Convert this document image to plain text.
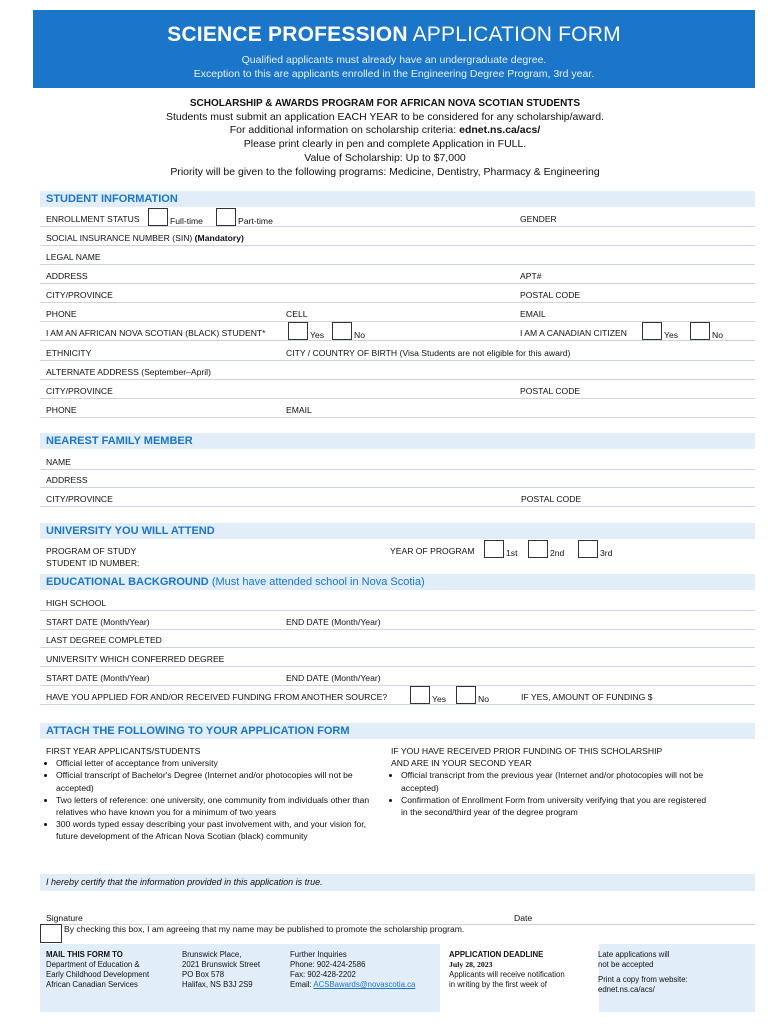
SCIENCE PROFESSION APPLICATION FORM
Qualified applicants must already have an undergraduate degree.
Exception to this are applicants enrolled in the Engineering Degree Program, 3rd year.
SCHOLARSHIP & AWARDS PROGRAM FOR AFRICAN NOVA SCOTIAN STUDENTS
Students must submit an application EACH YEAR to be considered for any scholarship/award.
For additional information on scholarship criteria: ednet.ns.ca/acs/
Please print clearly in pen and complete Application in FULL.
Value of Scholarship: Up to $7,000
Priority will be given to the following programs: Medicine, Dentistry, Pharmacy & Engineering
STUDENT INFORMATION
ENROLLMENT STATUS	Full-time	Part-time	GENDER
SOCIAL INSURANCE NUMBER (SIN) (Mandatory)
LEGAL NAME
ADDRESS	APT#
CITY/PROVINCE	POSTAL CODE
PHONE	CELL	EMAIL
I AM AN AFRICAN NOVA SCOTIAN (BLACK) STUDENT*	Yes	No	I AM A CANADIAN CITIZEN	Yes	No
ETHNICITY	CITY / COUNTRY OF BIRTH (Visa Students are not eligible for this award)
ALTERNATE ADDRESS (September–April)
CITY/PROVINCE	POSTAL CODE
PHONE	EMAIL
NEAREST FAMILY MEMBER
NAME
ADDRESS
CITY/PROVINCE	POSTAL CODE
UNIVERSITY YOU WILL ATTEND
PROGRAM OF STUDY	YEAR OF PROGRAM	1st	2nd	3rd
STUDENT ID NUMBER:
EDUCATIONAL BACKGROUND (Must have attended school in Nova Scotia)
HIGH SCHOOL
START DATE (Month/Year)	END DATE (Month/Year)
LAST DEGREE COMPLETED
UNIVERSITY WHICH CONFERRED DEGREE
START DATE (Month/Year)	END DATE (Month/Year)
HAVE YOU APPLIED FOR AND/OR RECEIVED FUNDING FROM ANOTHER SOURCE?	Yes	No	IF YES, AMOUNT OF FUNDING $
ATTACH THE FOLLOWING TO YOUR APPLICATION FORM
FIRST YEAR APPLICANTS/STUDENTS
• Official letter of acceptance from university
• Official transcript of Bachelor's Degree (Internet and/or photocopies will not be accepted)
• Two letters of reference: one university, one community from individuals other than relatives who have known you for a minimum of two years
• 300 words typed essay describing your past involvement with, and your vision for, future development of the African Nova Scotian (black) community
IF YOU HAVE RECEIVED PRIOR FUNDING OF THIS SCHOLARSHIP
AND ARE IN YOUR SECOND YEAR
• Official transcript from the previous year (Internet and/or photocopies will not be accepted)
• Confirmation of Enrollment Form from university verifying that you are registered in the second/third year of the degree program
I hereby certify that the information provided in this application is true.
Signature	Date
By checking this box, I am agreeing that my name may be published to promote the scholarship program.
MAIL THIS FORM TO
Department of Education &
Early Childhood Development
African Canadian Services
Brunswick Place,
2021 Brunswick Street
PO Box 578
Halifax, NS B3J 2S9
Further Inquiries
Phone: 902-424-2586
Fax: 902-428-2202
Email: ACSBawards@novascotia.ca
APPLICATION DEADLINE
July 28, 2023
Applicants will receive notification
in writing by the first week of
Late applications will
not be accepted
Print a copy from website:
ednet.ns.ca/acs/
